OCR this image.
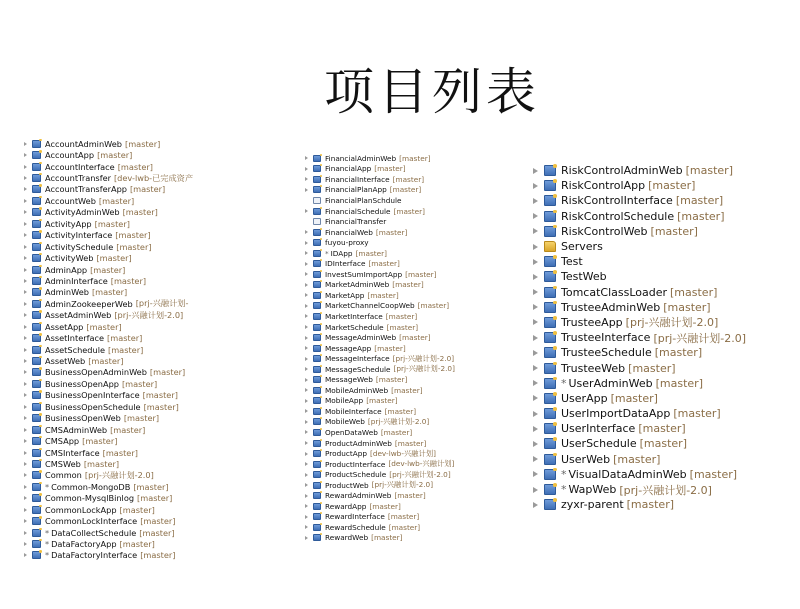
项目列表
AccountAdminWeb [master]
AccountApp [master]
AccountInterface [master]
AccountTransfer [dev-lwb-已完成资产
AccountTransferApp [master]
AccountWeb [master]
ActivityAdminWeb [master]
ActivityApp [master]
ActivityInterface [master]
ActivitySchedule [master]
ActivityWeb [master]
AdminApp [master]
AdminInterface [master]
AdminWeb [master]
AdminZookeeperWeb [prj-兴融计划-
AssetAdminWeb [prj-兴融计划-2.0]
AssetApp [master]
AssetInterface [master]
AssetSchedule [master]
AssetWeb [master]
BusinessOpenAdminWeb [master]
BusinessOpenApp [master]
BusinessOpenInterface [master]
BusinessOpenSchedule [master]
BusinessOpenWeb [master]
CMSAdminWeb [master]
CMSApp [master]
CMSInterface [master]
CMSWeb [master]
Common [prj-兴融计划-2.0]
* Common-MongoDB [master]
Common-MysqlBinlog [master]
CommonLockApp [master]
CommonLockInterface [master]
* DataCollectSchedule [master]
* DataFactoryApp [master]
* DataFactoryInterface [master]
FinancialAdminWeb [master]
FinancialApp [master]
FinancialInterface [master]
FinancialPlanApp [master]
FinancialPlanSchdule
FinancialSchedule [master]
FinancialTransfer
FinancialWeb [master]
fuyou-proxy
* IDApp [master]
IDInterface [master]
InvestSumImportApp [master]
MarketAdminWeb [master]
MarketApp [master]
MarketChannelCoopWeb [master]
MarketInterface [master]
MarketSchedule [master]
MessageAdminWeb [master]
MessageApp [master]
MessageInterface [prj-兴融计划-2.0]
MessageSchedule [prj-兴融计划-2.0]
MessageWeb [master]
MobileAdminWeb [master]
MobileApp [master]
MobileInterface [master]
MobileWeb [prj-兴融计划-2.0]
OpenDataWeb [master]
ProductAdminWeb [master]
ProductApp [dev-lwb-兴融计划]
ProductInterface [dev-lwb-兴融计划]
ProductSchedule [prj-兴融计划-2.0]
ProductWeb [prj-兴融计划-2.0]
RewardAdminWeb [master]
RewardApp [master]
RewardInterface [master]
RewardSchedule [master]
RewardWeb [master]
RiskControlAdminWeb [master]
RiskControlApp [master]
RiskControlInterface [master]
RiskControlSchedule [master]
RiskControlWeb [master]
Servers
Test
TestWeb
TomcatClassLoader [master]
TrusteeAdminWeb [master]
TrusteeApp [prj-兴融计划-2.0]
TrusteeInterface [prj-兴融计划-2.0]
TrusteeSchedule [master]
TrusteeWeb [master]
* UserAdminWeb [master]
UserApp [master]
UserImportDataApp [master]
UserInterface [master]
UserSchedule [master]
UserWeb [master]
* VisualDataAdminWeb [master]
* WapWeb [prj-兴融计划-2.0]
zyxr-parent [master]
